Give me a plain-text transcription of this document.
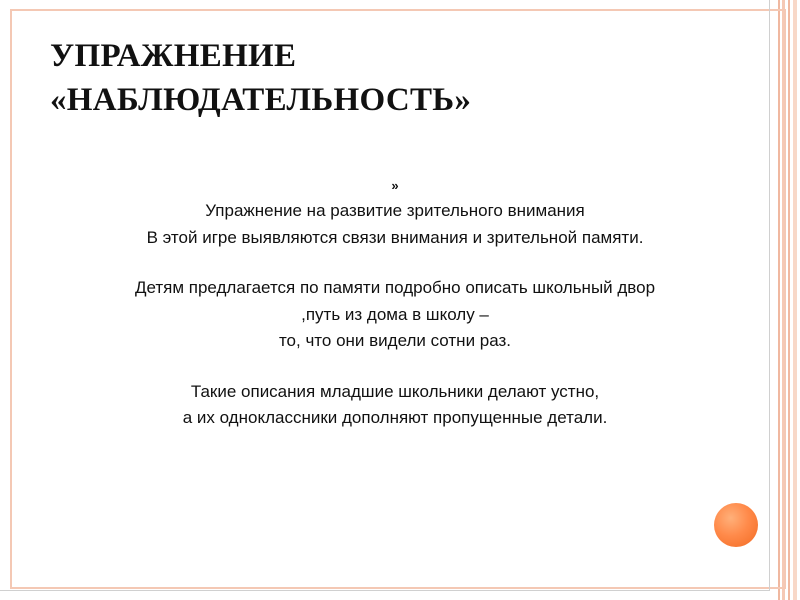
УПРАЖНЕНИЕ
«НАБЛЮДАТЕЛЬНОСТЬ»
»
Упражнение на развитие зрительного внимания
В этой игре выявляются связи внимания и зрительной памяти.
Детям предлагается по памяти подробно описать школьный двор
,путь из дома в школу –
то, что они видели сотни раз.
Такие описания младшие школьники делают устно,
а их одноклассники дополняют пропущенные детали.
